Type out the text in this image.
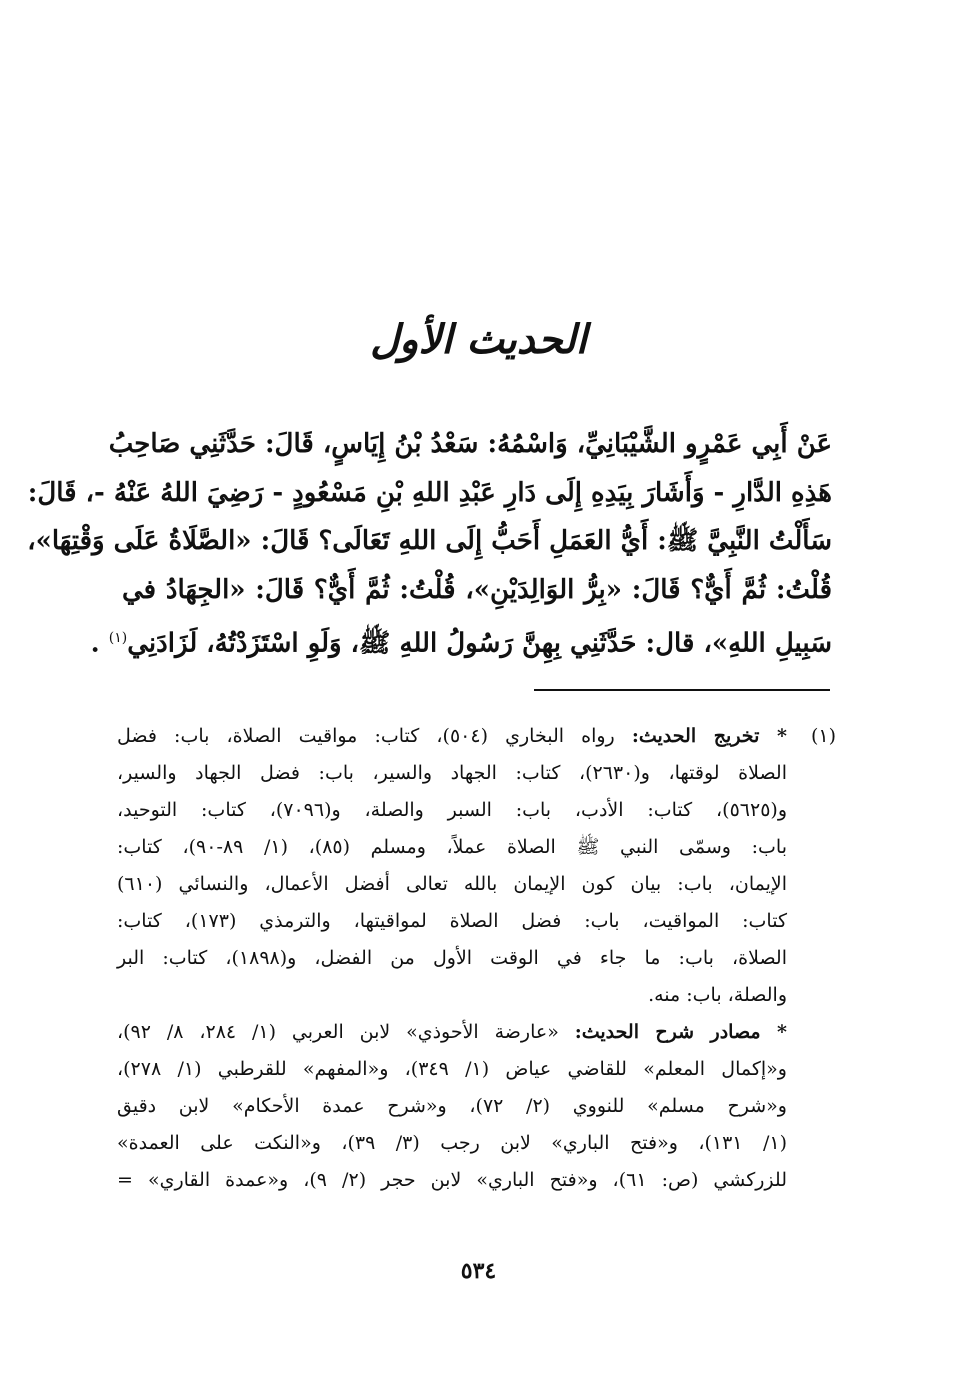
الحديث الأول
عَنْ أَبِي عَمْرٍو الشَّيْبَانِيِّ، وَاسْمُهُ: سَعْدُ بْنُ إِيَاسٍ، قَالَ: حَدَّثَنِي صَاحِبُ
هَذِهِ الدَّارِ - وَأَشَارَ بِيَدِهِ إِلَى دَارِ عَبْدِ اللهِ بْنِ مَسْعُودٍ - رَضِيَ اللهُ عَنْهُ -، قَالَ:
سَأَلْتُ النَّبِيَّ ﷺ: أَيُّ العَمَلِ أَحَبُّ إِلَى اللهِ تَعَالَى؟ قَالَ: «الصَّلَاةُ عَلَى وَقْتِهَا»،
قُلْتُ: ثُمَّ أَيٌّ؟ قَالَ: «بِرُّ الوَالِدَيْنِ»، قُلْتُ: ثُمَّ أَيٌّ؟ قَالَ: «الجِهَادُ في
سَبِيلِ اللهِ»، قال: حَدَّثَنِي بِهِنَّ رَسُولُ اللهِ ﷺ، وَلَوِ اسْتَزَدْتُهُ، لَزَادَنِي$^{(١)}$ .
(١)
* تخريج الحديث: رواه البخاري (٥٠٤)، كتاب: مواقيت الصلاة، باب: فضل
الصلاة لوقتها، و(٢٦٣٠)، كتاب: الجهاد والسير، باب: فضل الجهاد والسير،
و(٥٦٢٥)، كتاب: الأدب، باب: السبر والصلة، و(٧٠٩٦)، كتاب: التوحيد،
باب: وسمّى النبي ﷺ الصلاة عملاً، ومسلم (٨٥)، (١/ ٨٩-٩٠)، كتاب:
الإيمان، باب: بيان كون الإيمان بالله تعالى أفضل الأعمال، والنسائي (٦١٠)
كتاب: المواقيت، باب: فضل الصلاة لمواقيتها، والترمذي (١٧٣)، كتاب:
الصلاة، باب: ما جاء في الوقت الأول من الفضل، و(١٨٩٨)، كتاب: البر
والصلة، باب: منه.
* مصادر شرح الحديث: «عارضة الأحوذي» لابن العربي (١/ ٢٨٤، ٨/ ٩٢)،
و«إكمال المعلم» للقاضي عياض (١/ ٣٤٩)، و«المفهم» للقرطبي (١/ ٢٧٨)،
و«شرح مسلم» للنووي (٢/ ٧٢)، و«شرح عمدة الأحكام» لابن دقيق
(١/ ١٣١)، و«فتح الباري» لابن رجب (٣/ ٣٩)، و«النكت على العمدة»
للزركشي (ص: ٦١)، و«فتح الباري» لابن حجر (٢/ ٩)، و«عمدة القاري» =
٥٣٤
